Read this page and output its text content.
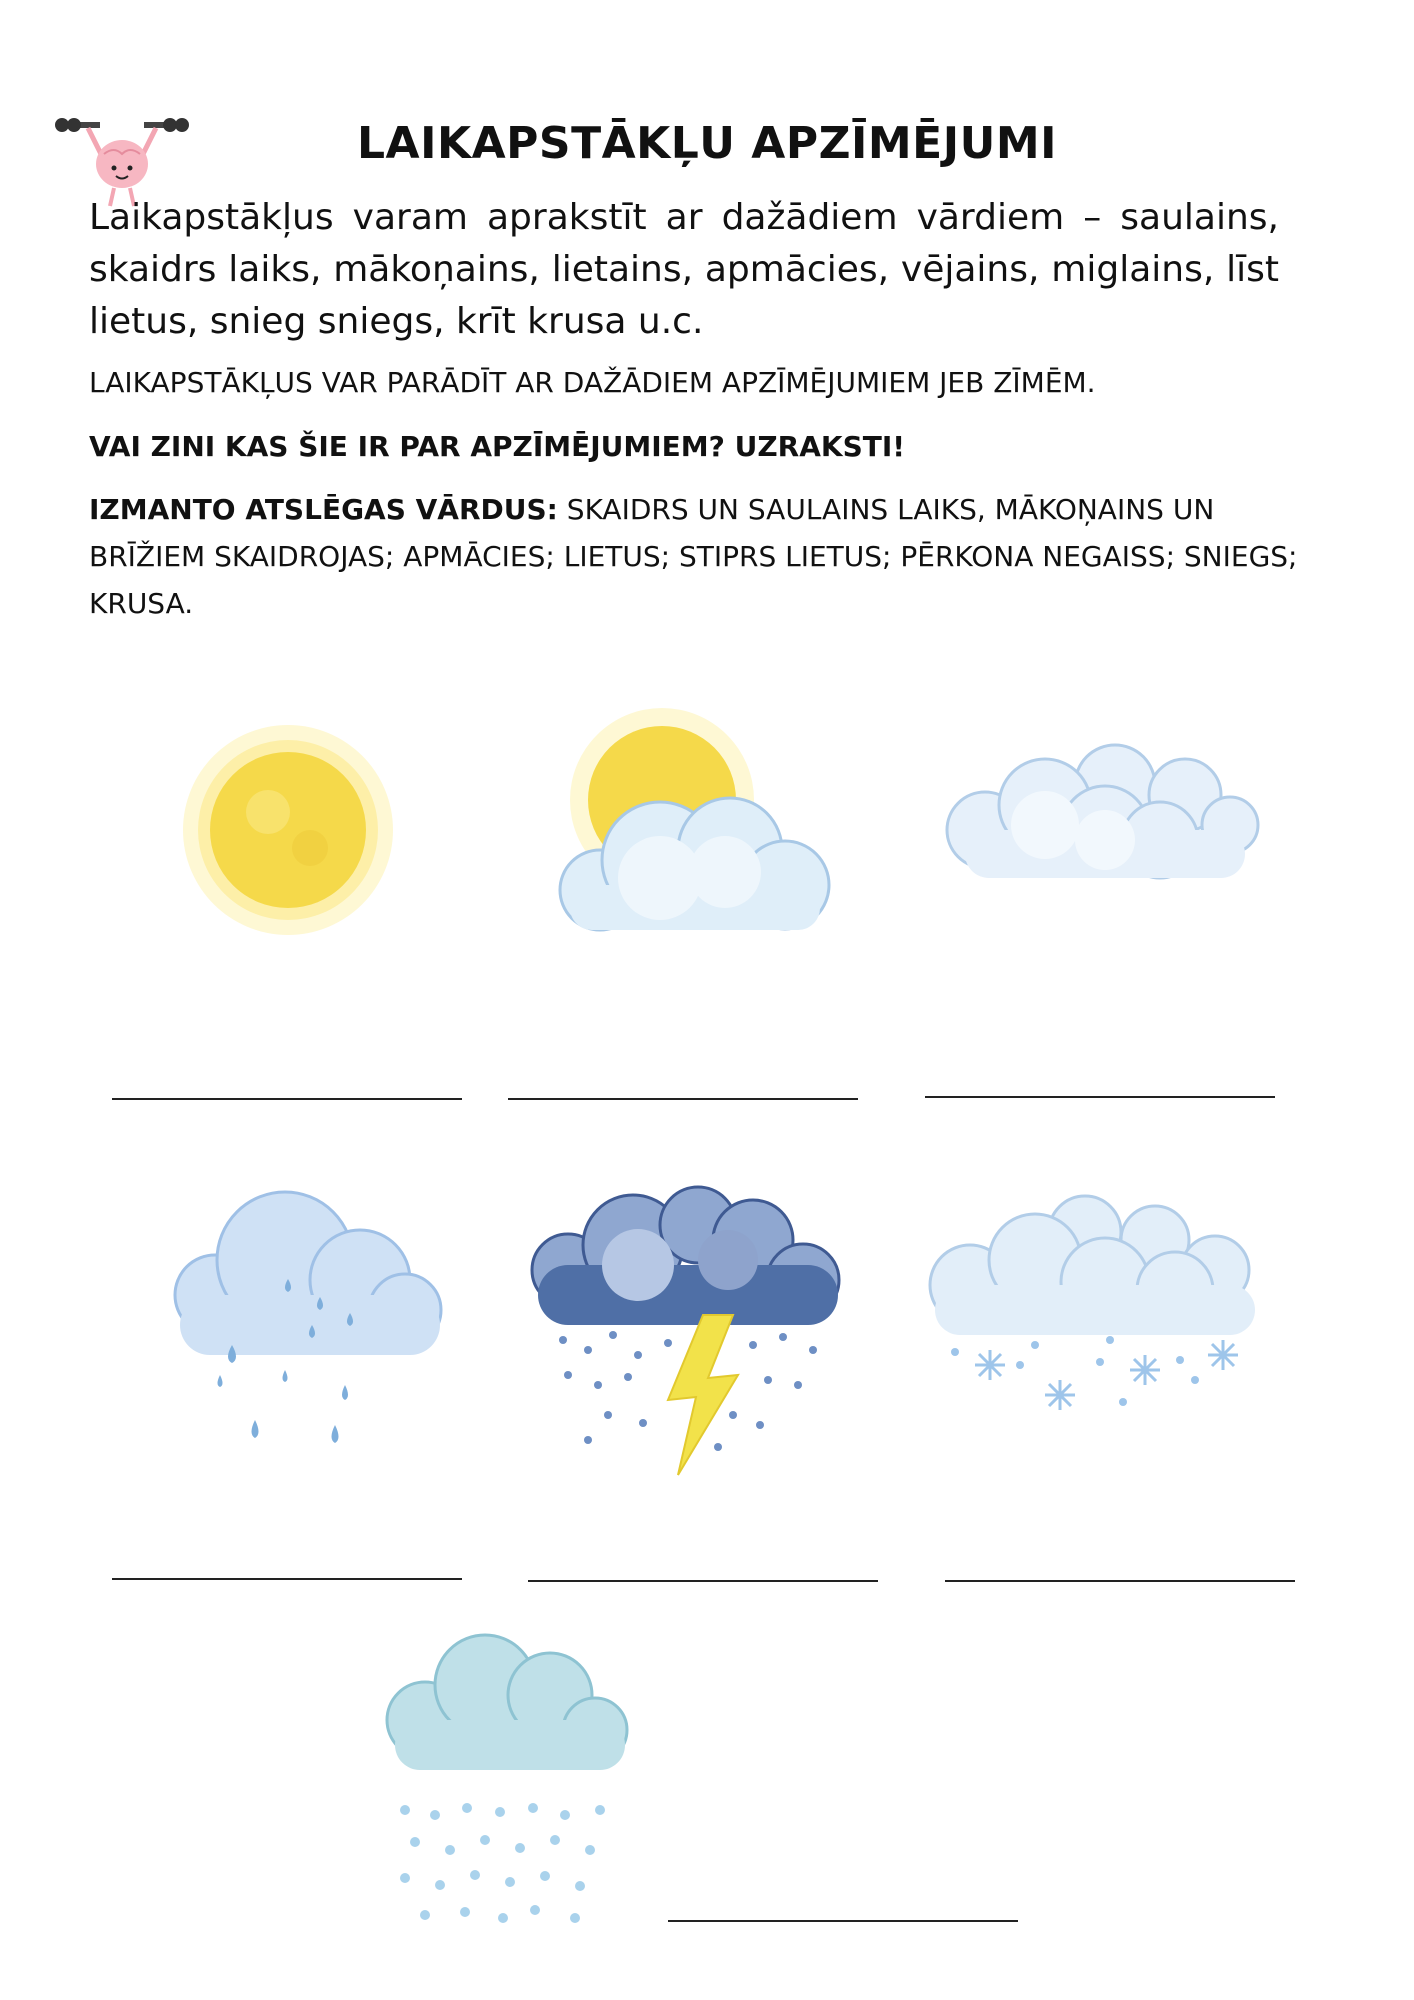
LAIKAPSTĀKĻU APZĪMĒJUMI

Laikapstākļus varam aprakstīt ar dažādiem vārdiem – saulains, skaidrs laiks, mākoņains, lietains, apmācies, vējains, miglains, līst lietus, snieg sniegs, krīt krusa u.c.

LAIKAPSTĀKĻUS VAR PARĀDĪT AR DAŽĀDIEM APZĪMĒJUMIEM JEB ZĪMĒM.

VAI ZINI KAS ŠIE IR PAR APZĪMĒJUMIEM? UZRAKSTI!

IZMANTO ATSLĒGAS VĀRDUS: SKAIDRS UN SAULAINS LAIKS, MĀKOŅAINS UN BRĪŽIEM SKAIDROJAS; APMĀCIES; LIETUS; STIPRS LIETUS; PĒRKONA NEGAISS; SNIEGS; KRUSA.
